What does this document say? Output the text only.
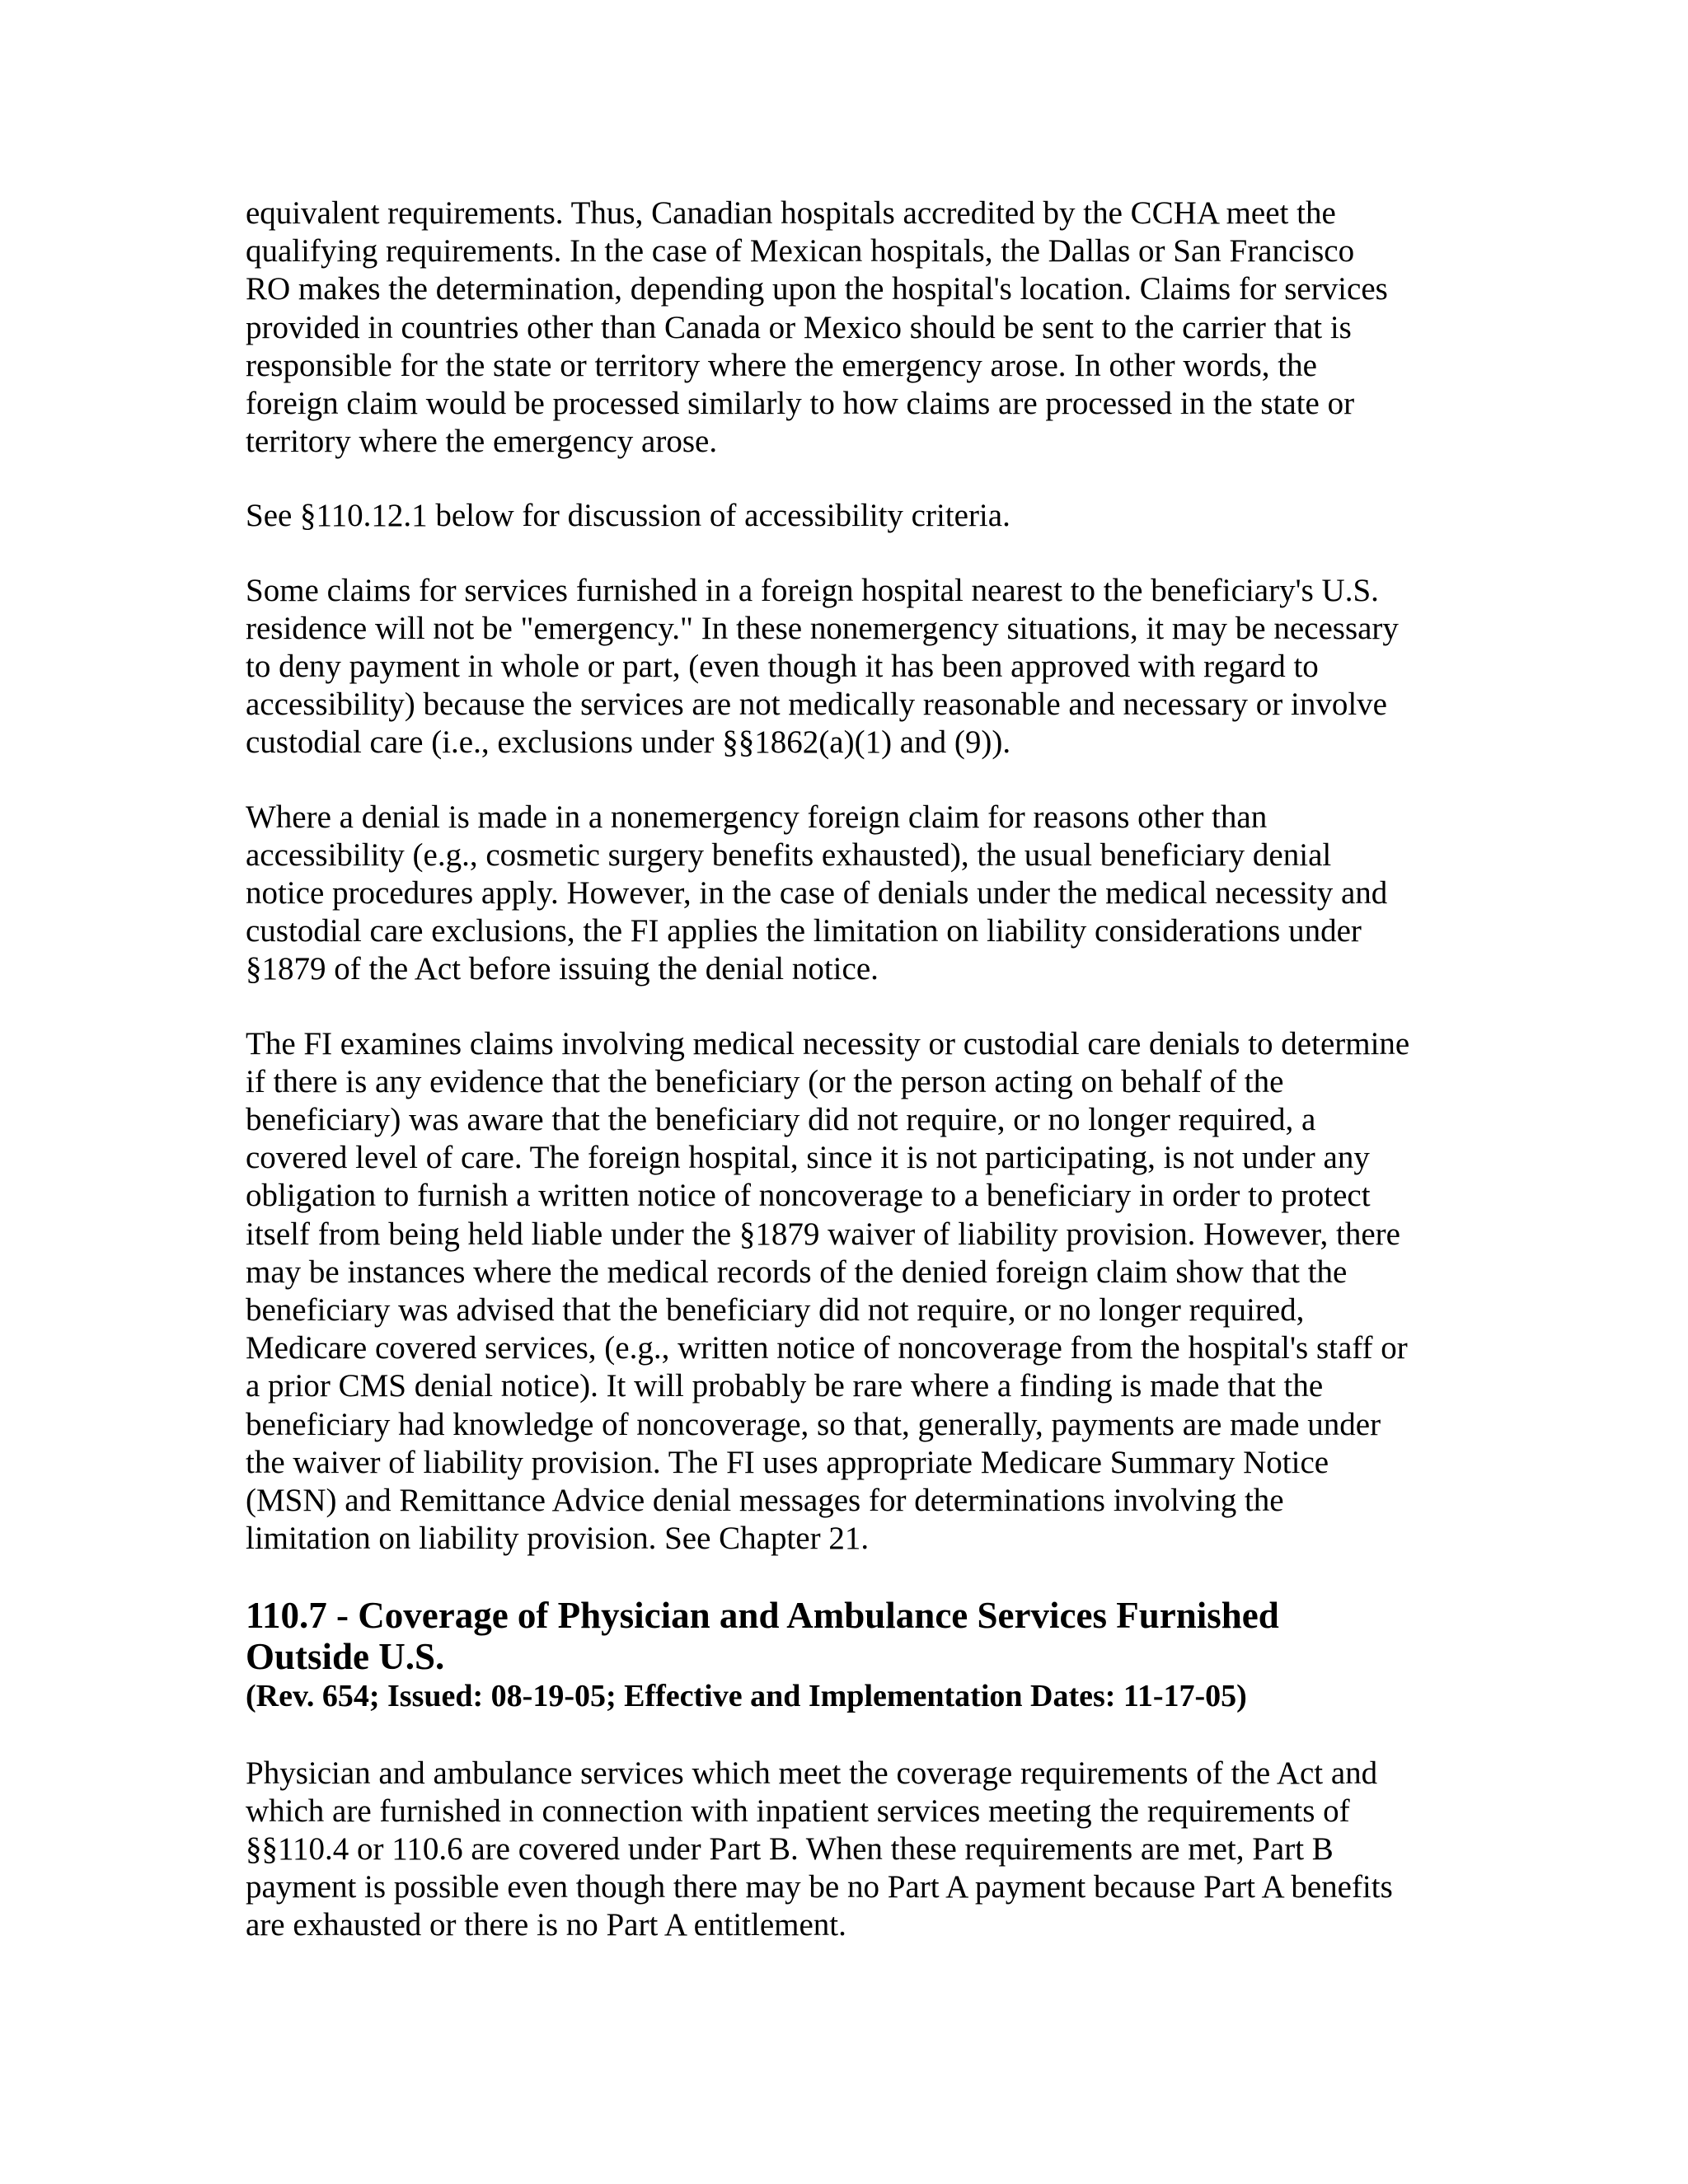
equivalent requirements. Thus, Canadian hospitals accredited by the CCHA meet the
qualifying requirements. In the case of Mexican hospitals, the Dallas or San Francisco
RO makes the determination, depending upon the hospital's location. Claims for services
provided in countries other than Canada or Mexico should be sent to the carrier that is
responsible for the state or territory where the emergency arose. In other words, the
foreign claim would be processed similarly to how claims are processed in the state or
territory where the emergency arose.

See §110.12.1 below for discussion of accessibility criteria.

Some claims for services furnished in a foreign hospital nearest to the beneficiary's U.S.
residence will not be "emergency." In these nonemergency situations, it may be necessary
to deny payment in whole or part, (even though it has been approved with regard to
accessibility) because the services are not medically reasonable and necessary or involve
custodial care (i.e., exclusions under §§1862(a)(1) and (9)).

Where a denial is made in a nonemergency foreign claim for reasons other than
accessibility (e.g., cosmetic surgery benefits exhausted), the usual beneficiary denial
notice procedures apply. However, in the case of denials under the medical necessity and
custodial care exclusions, the FI applies the limitation on liability considerations under
§1879 of the Act before issuing the denial notice.

The FI examines claims involving medical necessity or custodial care denials to determine
if there is any evidence that the beneficiary (or the person acting on behalf of the
beneficiary) was aware that the beneficiary did not require, or no longer required, a
covered level of care. The foreign hospital, since it is not participating, is not under any
obligation to furnish a written notice of noncoverage to a beneficiary in order to protect
itself from being held liable under the §1879 waiver of liability provision. However, there
may be instances where the medical records of the denied foreign claim show that the
beneficiary was advised that the beneficiary did not require, or no longer required,
Medicare covered services, (e.g., written notice of noncoverage from the hospital's staff or
a prior CMS denial notice). It will probably be rare where a finding is made that the
beneficiary had knowledge of noncoverage, so that, generally, payments are made under
the waiver of liability provision. The FI uses appropriate Medicare Summary Notice
(MSN) and Remittance Advice denial messages for determinations involving the
limitation on liability provision. See Chapter 21.

110.7 - Coverage of Physician and Ambulance Services Furnished
Outside U.S.
(Rev. 654; Issued: 08-19-05; Effective and Implementation Dates: 11-17-05)

Physician and ambulance services which meet the coverage requirements of the Act and
which are furnished in connection with inpatient services meeting the requirements of
§§110.4 or 110.6 are covered under Part B. When these requirements are met, Part B
payment is possible even though there may be no Part A payment because Part A benefits
are exhausted or there is no Part A entitlement.
